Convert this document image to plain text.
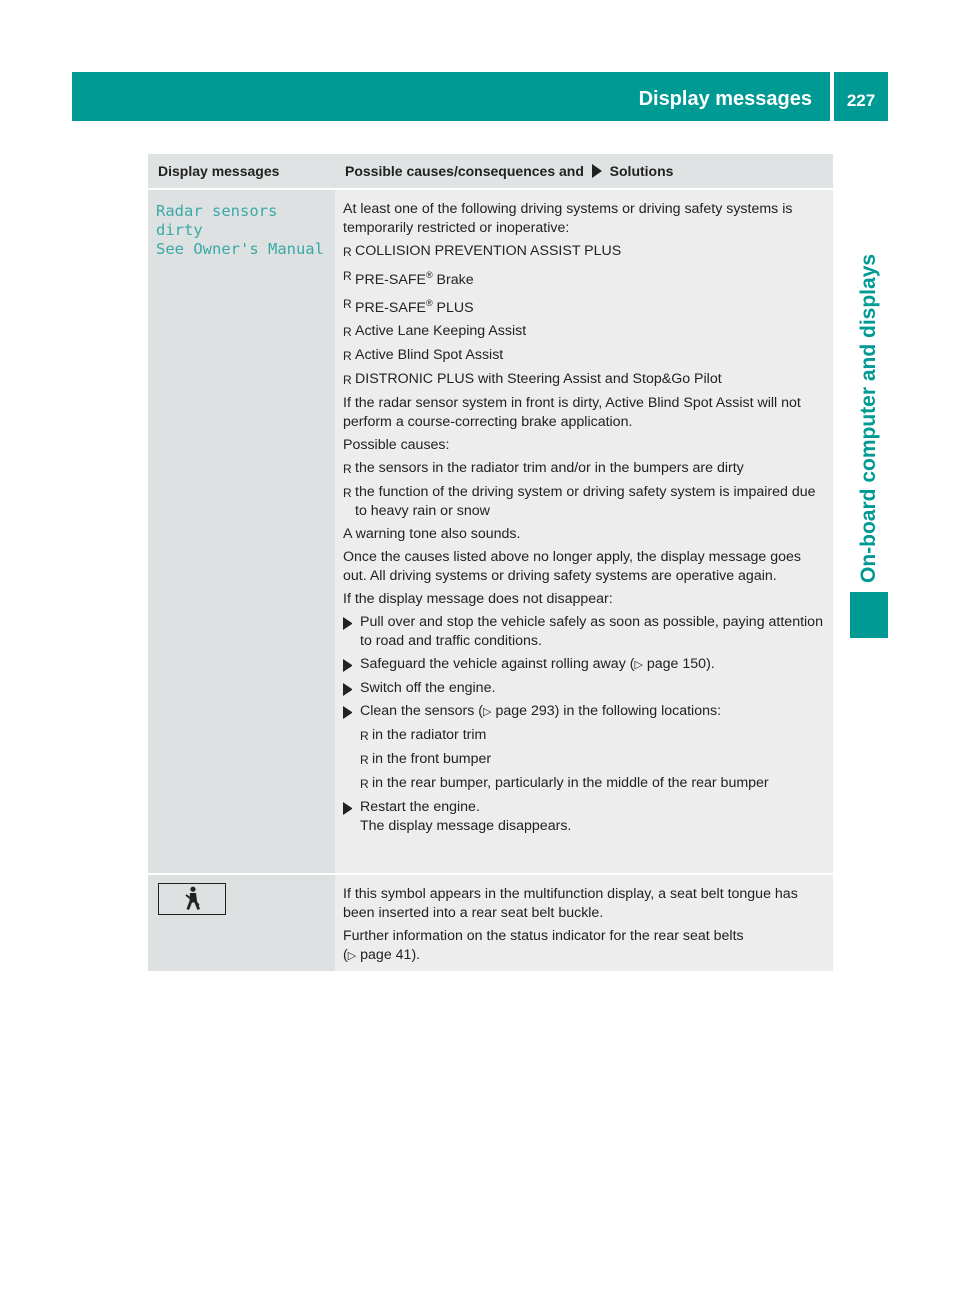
Display messages	227
On-board computer and displays
Display messages	Possible causes/consequences and Solutions
Radar sensors dirty
See Owner's Manual
At least one of the following driving systems or driving safety systems is temporarily restricted or inoperative:
R COLLISION PREVENTION ASSIST PLUS
R PRE-SAFE® Brake
R PRE-SAFE® PLUS
R Active Lane Keeping Assist
R Active Blind Spot Assist
R DISTRONIC PLUS with Steering Assist and Stop&Go Pilot
If the radar sensor system in front is dirty, Active Blind Spot Assist will not perform a course-correcting brake application.
Possible causes:
R the sensors in the radiator trim and/or in the bumpers are dirty
R the function of the driving system or driving safety system is impaired due to heavy rain or snow
A warning tone also sounds.
Once the causes listed above no longer apply, the display message goes out. All driving systems or driving safety systems are operative again.
If the display message does not disappear:
Pull over and stop the vehicle safely as soon as possible, paying attention to road and traffic conditions.
Safeguard the vehicle against rolling away (▷ page 150).
Switch off the engine.
Clean the sensors (▷ page 293) in the following locations:
R in the radiator trim
R in the front bumper
R in the rear bumper, particularly in the middle of the rear bumper
Restart the engine.
The display message disappears.
If this symbol appears in the multifunction display, a seat belt tongue has been inserted into a rear seat belt buckle.
Further information on the status indicator for the rear seat belts
(▷ page 41).
